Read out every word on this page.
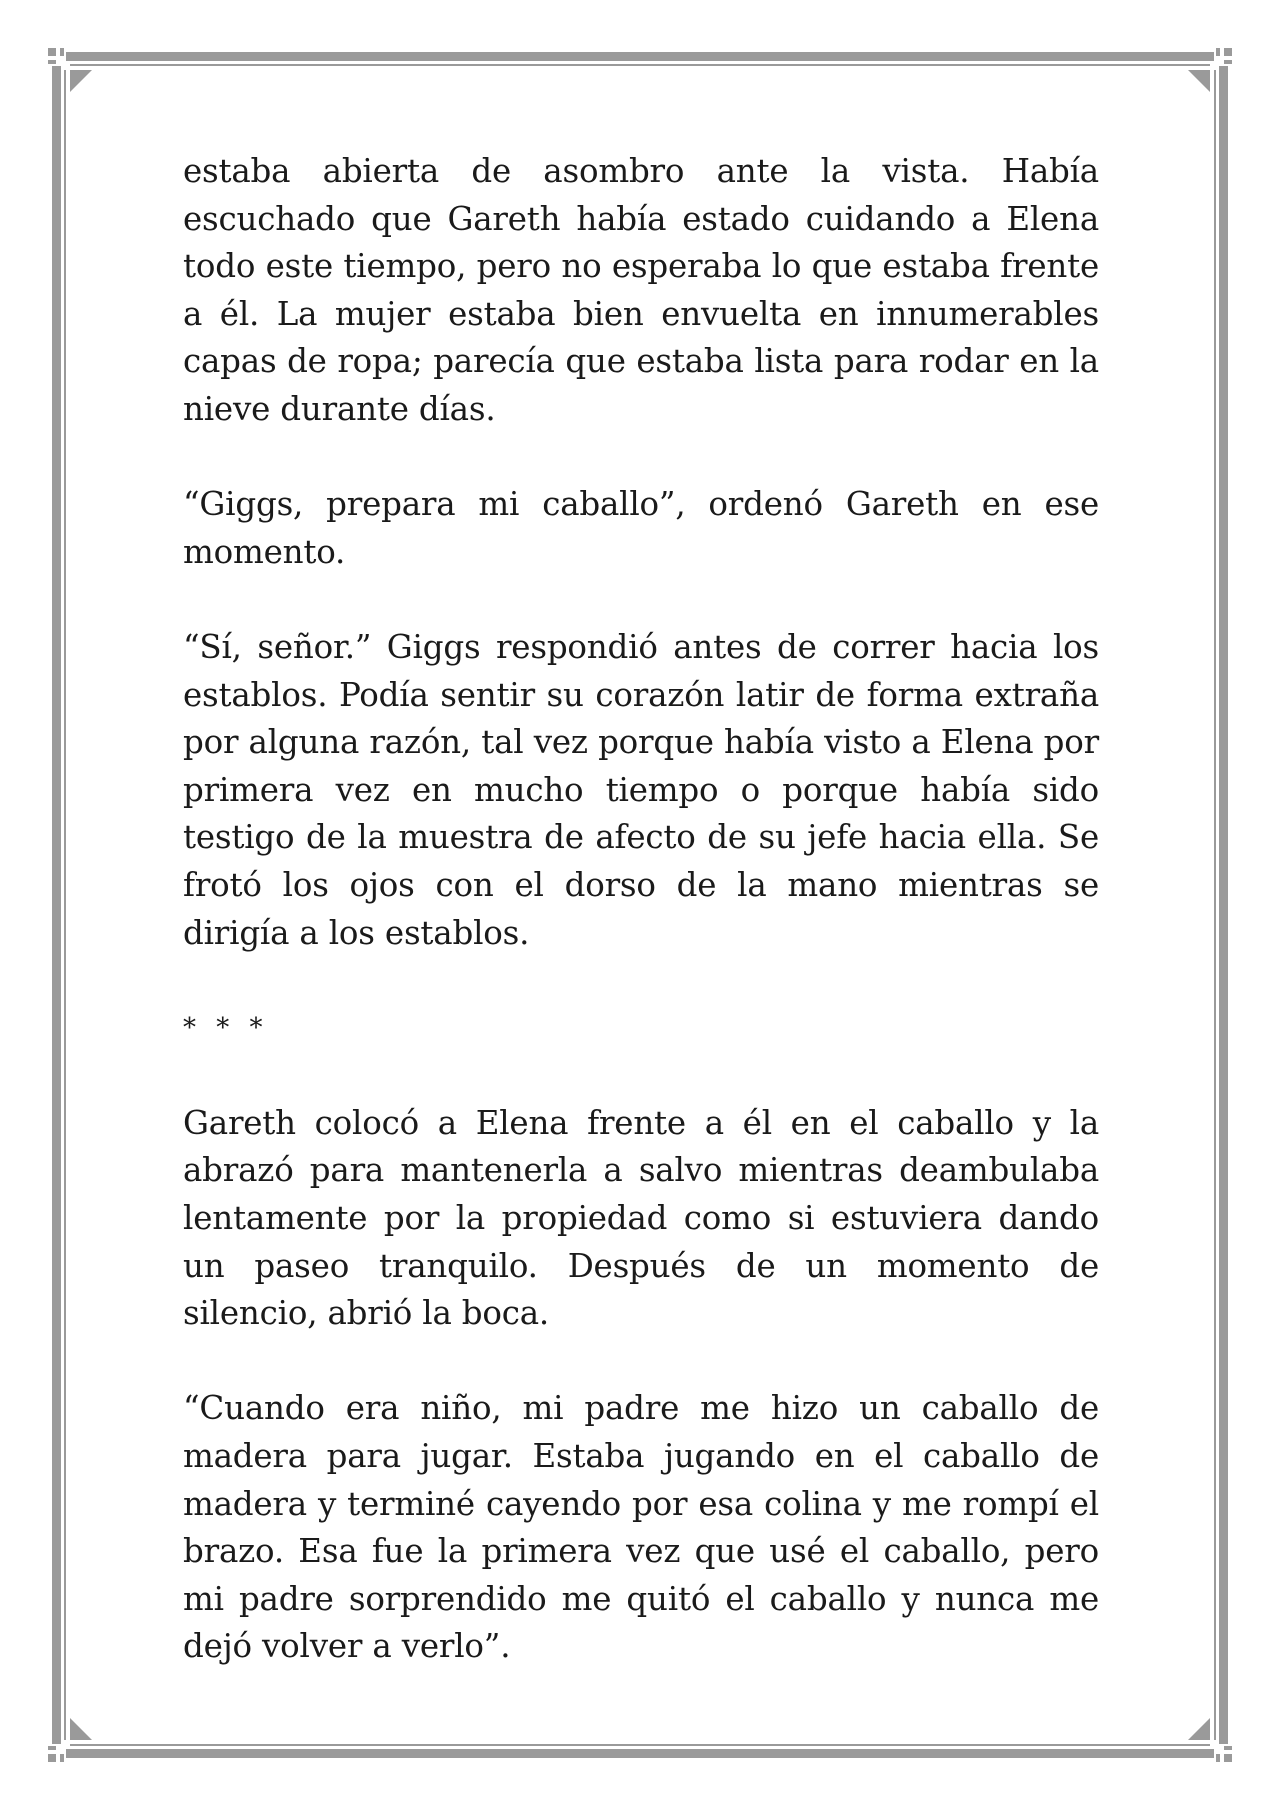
estaba abierta de asombro ante la vista. Había escuchado que Gareth había estado cuidando a Elena todo este tiempo, pero no esperaba lo que estaba frente a él. La mujer estaba bien envuelta en innumerables capas de ropa; parecía que estaba lista para rodar en la nieve durante días.

“Giggs, prepara mi caballo”, ordenó Gareth en ese momento.

“Sí, señor.” Giggs respondió antes de correr hacia los establos. Podía sentir su corazón latir de forma extraña por alguna razón, tal vez porque había visto a Elena por primera vez en mucho tiempo o porque había sido testigo de la muestra de afecto de su jefe hacia ella. Se frotó los ojos con el dorso de la mano mientras se dirigía a los establos.

* * *

Gareth colocó a Elena frente a él en el caballo y la abrazó para mantenerla a salvo mientras deambulaba lentamente por la propiedad como si estuviera dando un paseo tranquilo. Después de un momento de silencio, abrió la boca.

“Cuando era niño, mi padre me hizo un caballo de madera para jugar. Estaba jugando en el caballo de madera y terminé cayendo por esa colina y me rompí el brazo. Esa fue la primera vez que usé el caballo, pero mi padre sorprendido me quitó el caballo y nunca me dejó volver a verlo”.
